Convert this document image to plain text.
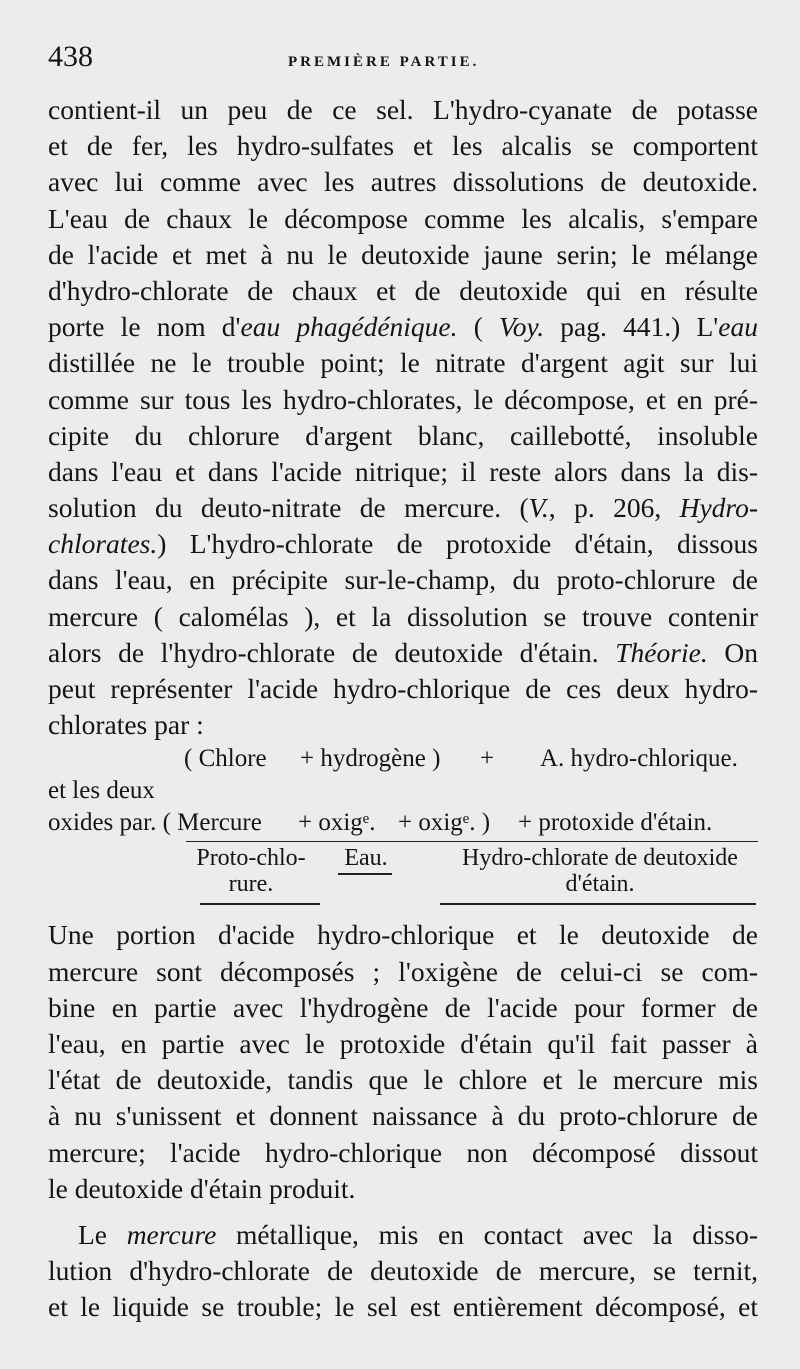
438	PREMIÈRE PARTIE.
contient-il un peu de ce sel. L'hydro-cyanate de potasse
et de fer, les hydro-sulfates et les alcalis se comportent
avec lui comme avec les autres dissolutions de deutoxide.
L'eau de chaux le décompose comme les alcalis, s'empare
de l'acide et met à nu le deutoxide jaune serin; le mélange
d'hydro-chlorate de chaux et de deutoxide qui en résulte
porte le nom d'eau phagédénique. ( Voy. pag. 441.) L'eau
distillée ne le trouble point; le nitrate d'argent agit sur lui
comme sur tous les hydro-chlorates, le décompose, et en pré-
cipite du chlorure d'argent blanc, caillebotté, insoluble
dans l'eau et dans l'acide nitrique; il reste alors dans la dis-
solution du deuto-nitrate de mercure. (V., p. 206, Hydro-
chlorates.) L'hydro-chlorate de protoxide d'étain, dissous
dans l'eau, en précipite sur-le-champ, du proto-chlorure de
mercure ( calomélas ), et la dissolution se trouve contenir
alors de l'hydro-chlorate de deutoxide d'étain. Théorie. On
peut représenter l'acide hydro-chlorique de ces deux hydro-
chlorates par :
( Chlore + hydrogène ) + A. hydro-chlorique.
et les deux
oxides par. ( Mercure + oxigᵉ. + oxigᵉ. ) + protoxide d'étain.
Proto-chlo-
rure.
Eau.	Hydro-chlorate de deutoxide
d'étain.
Une portion d'acide hydro-chlorique et le deutoxide de
mercure sont décomposés ; l'oxigène de celui-ci se com-
bine en partie avec l'hydrogène de l'acide pour former de
l'eau, en partie avec le protoxide d'étain qu'il fait passer à
l'état de deutoxide, tandis que le chlore et le mercure mis
à nu s'unissent et donnent naissance à du proto-chlorure de
mercure; l'acide hydro-chlorique non décomposé dissout
le deutoxide d'étain produit.
Le mercure métallique, mis en contact avec la disso-
lution d'hydro-chlorate de deutoxide de mercure, se ternit,
et le liquide se trouble; le sel est entièrement décomposé, et
